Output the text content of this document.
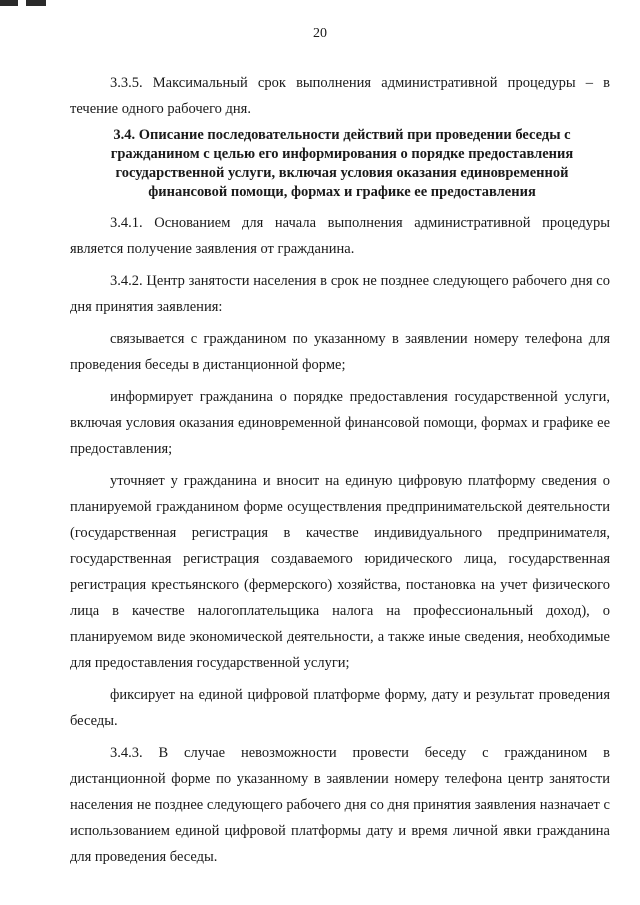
20

3.3.5. Максимальный срок выполнения административной процедуры – в течение одного рабочего дня.

3.4. Описание последовательности действий при проведении беседы с гражданином с целью его информирования о порядке предоставления государственной услуги, включая условия оказания единовременной финансовой помощи, формах и графике ее предоставления

3.4.1. Основанием для начала выполнения административной процедуры является получение заявления от гражданина.

3.4.2. Центр занятости населения в срок не позднее следующего рабочего дня со дня принятия заявления:

связывается с гражданином по указанному в заявлении номеру телефона для проведения беседы в дистанционной форме;

информирует гражданина о порядке предоставления государственной услуги, включая условия оказания единовременной финансовой помощи, формах и графике ее предоставления;

уточняет у гражданина и вносит на единую цифровую платформу сведения о планируемой гражданином форме осуществления предпринимательской деятельности (государственная регистрация в качестве индивидуального предпринимателя, государственная регистрация создаваемого юридического лица, государственная регистрация крестьянского (фермерского) хозяйства, постановка на учет физического лица в качестве налогоплательщика налога на профессиональный доход), о планируемом виде экономической деятельности, а также иные сведения, необходимые для предоставления государственной услуги;

фиксирует на единой цифровой платформе форму, дату и результат проведения беседы.

3.4.3. В случае невозможности провести беседу с гражданином в дистанционной форме по указанному в заявлении номеру телефона центр занятости населения не позднее следующего рабочего дня со дня принятия заявления назначает с использованием единой цифровой платформы дату и время личной явки гражданина для проведения беседы.
